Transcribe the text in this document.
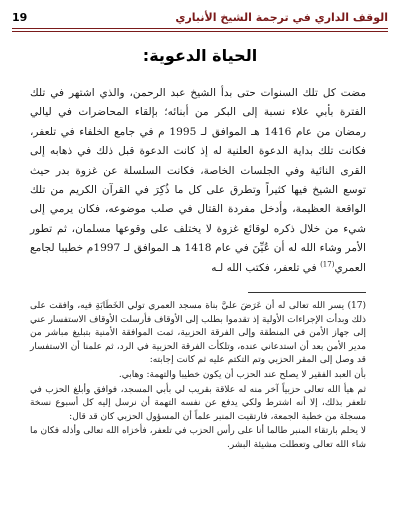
19	الوقف الداري في ترجمة الشيخ الأنباري
الحياة الدعوية:

مضت كل تلك السنوات حتى بدأ الشيخ عبد الرحمن، والذي اشتهر في تلك الفترة بأبي علاء نسبة إلى البكر من أبنائه؛ بإلقاء المحاضرات في ليالي رمضان من عام 1416 هـ الموافق لـ 1995 م في جامع الخلفاء في تلعفر، فكانت تلك بداية الدعوة العلنية له إذ كانت الدعوة قبل ذلك في ذهابه إلى القرى النائية وفي الجلسات الخاصة، فكانت السلسلة عن غزوة بدر حيث توسع الشيخ فيها كثيراً وتطرق على كل ما ذُكِرَ في القرآن الكريم من تلك الواقعة العظيمة، وأدخل مفردة القتال في صلب موضوعه، فكان يرمي إلى شيء من خلال ذكره لوقائع غزوة لا يختلف على وقوعها مسلمان، ثم تطور الأمر وشاء الله له أن عُيِّنَ في عام 1418 هـ الموافق لـ 1997م خطيبا لجامع العمري$^{(17)}$ في تلعفر، فكتب الله لـه

(17) يسر الله تعالى له أن عَرَضَ عليَّ بناة مسجد العمري تولي الخَطَابَةِ فيه، وافقت على ذلك وبدأت الإجراءات الأولية إذ تقدموا بطلب إلى الأوقاف فأرسلت الأوقاف الاستفسار عني إلى جهاز الأمن في المنطقة وإلى الفرقة الحزبية، ثمت الموافقة الأمنية بتبليغ مباشر من مدير الأمن بعد أن استدعاني عنده، وتلكأت الفرقة الحزبية في الرد، ثم علمنا أن الاستفسار قد وصل إلى المقر الحزبي وتم التكتم عليه ثم كانت إجابته:

بأن العبد الفقير لا يصلح عند الحزب أن يكون خطيبا والتهمة: وهابي.

ثم هيأ الله تعالى حزبياً آخر منه له علاقة بقريب لي بأبي المسجد، فوافق وأبلغ الحزب في تلعفر بذلك، إلا أنه اشترط ولكي يدفع عن نفسه التهمة أن نرسل إليه كل أسبوع نسخة مسجلة من خطبة الجمعة، فارتقيت المنبر علماً أن المسؤول الحزبي كان قد قال:

لا يحلم بارتقاء المنبر طالما أنا على رأس الحزب في تلعفر، فأخزاه الله تعالى وأذله فكان ما شاء الله تعالى وتعطلت مشيئة البشر.
